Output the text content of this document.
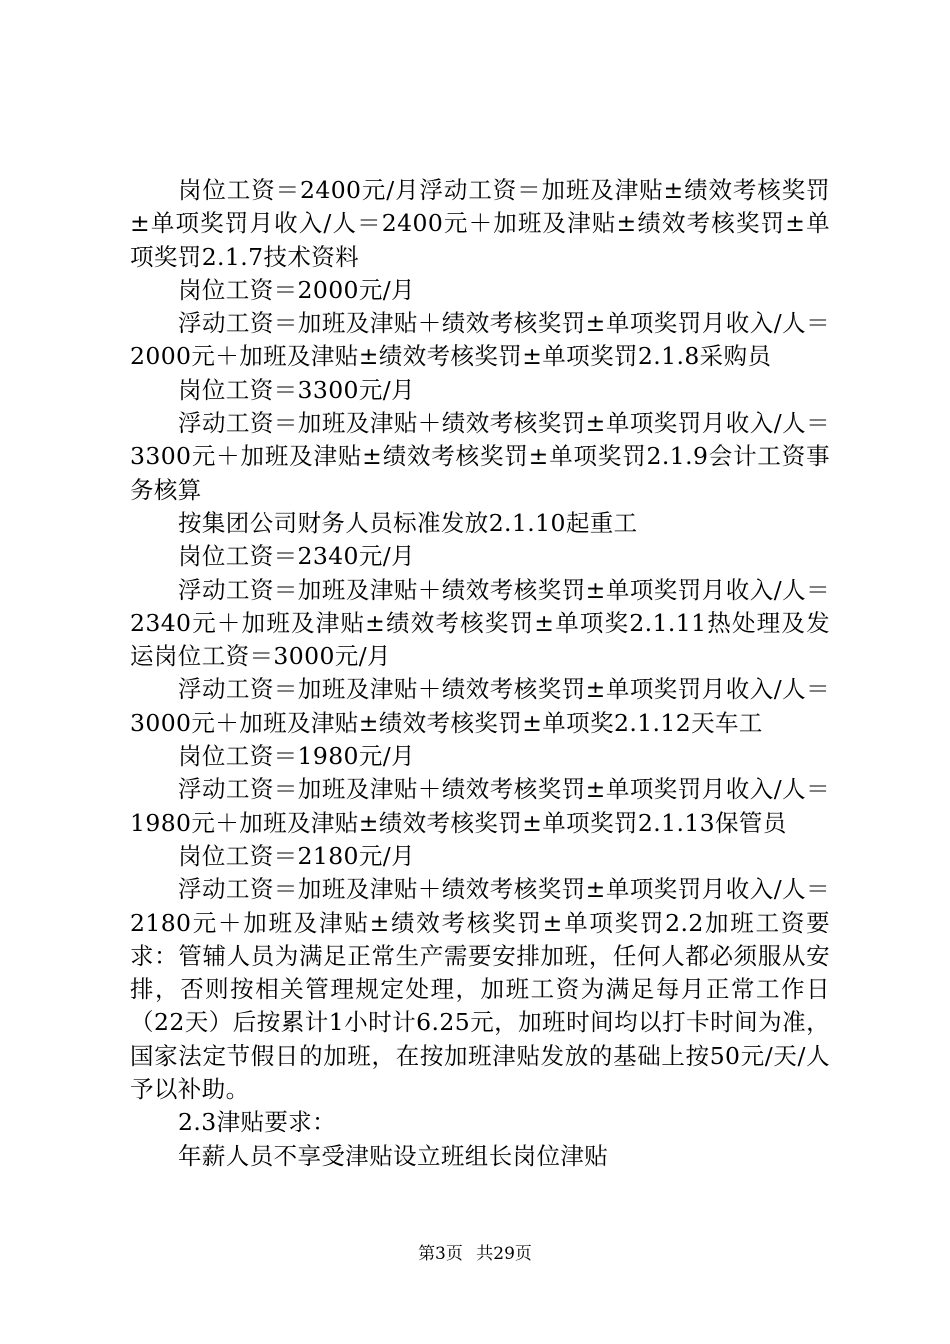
岗位工资＝2400元/月浮动工资＝加班及津贴±绩效考核奖罚±单项奖罚月收入/人＝2400元＋加班及津贴±绩效考核奖罚±单项奖罚2.1.7技术资料

岗位工资＝2000元/月

浮动工资＝加班及津贴＋绩效考核奖罚±单项奖罚月收入/人＝2000元＋加班及津贴±绩效考核奖罚±单项奖罚2.1.8采购员

岗位工资＝3300元/月

浮动工资＝加班及津贴＋绩效考核奖罚±单项奖罚月收入/人＝3300元＋加班及津贴±绩效考核奖罚±单项奖罚2.1.9会计工资事务核算

按集团公司财务人员标准发放2.1.10起重工

岗位工资＝2340元/月

浮动工资＝加班及津贴＋绩效考核奖罚±单项奖罚月收入/人＝2340元＋加班及津贴±绩效考核奖罚±单项奖2.1.11热处理及发运岗位工资＝3000元/月

浮动工资＝加班及津贴＋绩效考核奖罚±单项奖罚月收入/人＝3000元＋加班及津贴±绩效考核奖罚±单项奖2.1.12天车工

岗位工资＝1980元/月

浮动工资＝加班及津贴＋绩效考核奖罚±单项奖罚月收入/人＝1980元＋加班及津贴±绩效考核奖罚±单项奖罚2.1.13保管员

岗位工资＝2180元/月

浮动工资＝加班及津贴＋绩效考核奖罚±单项奖罚月收入/人＝2180元＋加班及津贴±绩效考核奖罚±单项奖罚2.2加班工资要求：管辅人员为满足正常生产需要安排加班，任何人都必须服从安排，否则按相关管理规定处理，加班工资为满足每月正常工作日（22天）后按累计1小时计6.25元，加班时间均以打卡时间为准，国家法定节假日的加班，在按加班津贴发放的基础上按50元/天/人予以补助。

2.3津贴要求：

年薪人员不享受津贴设立班组长岗位津贴

第3页 共29页
